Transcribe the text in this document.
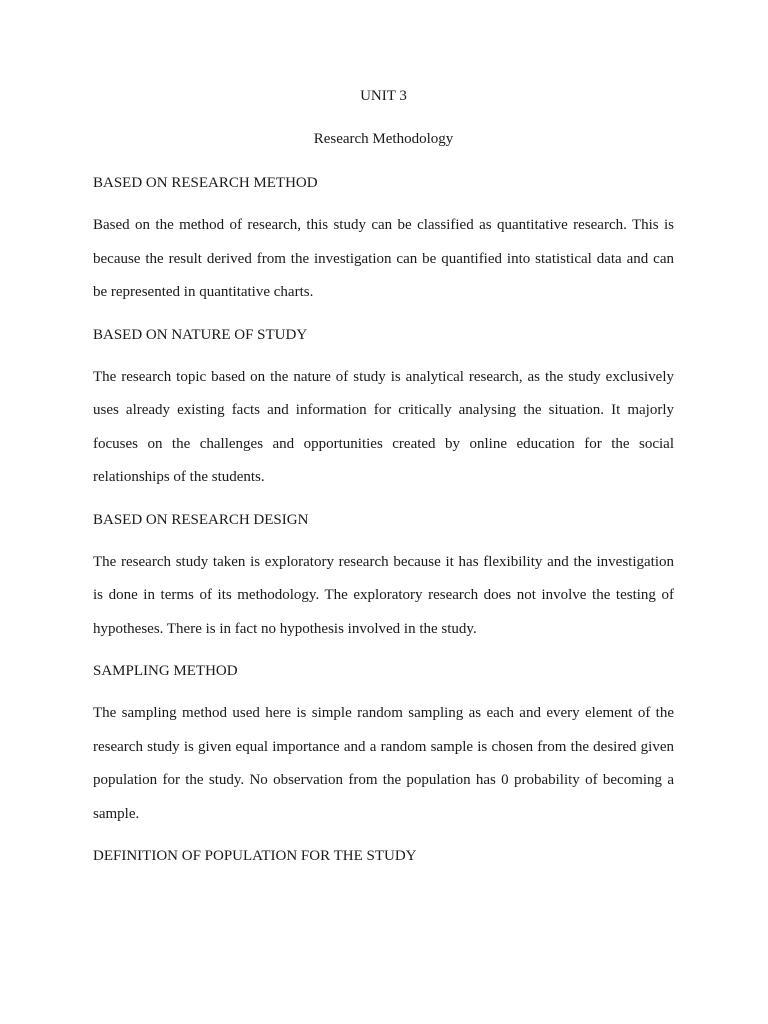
UNIT 3

Research Methodology

BASED ON RESEARCH METHOD

Based on the method of research, this study can be classified as quantitative research. This is because the result derived from the investigation can be quantified into statistical data and can be represented in quantitative charts.

BASED ON NATURE OF STUDY

The research topic based on the nature of study is analytical research, as the study exclusively uses already existing facts and information for critically analysing the situation. It majorly focuses on the challenges and opportunities created by online education for the social relationships of the students.

BASED ON RESEARCH DESIGN

The research study taken is exploratory research because it has flexibility and the investigation is done in terms of its methodology. The exploratory research does not involve the testing of hypotheses. There is in fact no hypothesis involved in the study.

SAMPLING METHOD

The sampling method used here is simple random sampling as each and every element of the research study is given equal importance and a random sample is chosen from the desired given population for the study. No observation from the population has 0 probability of becoming a sample.

DEFINITION OF POPULATION FOR THE STUDY
